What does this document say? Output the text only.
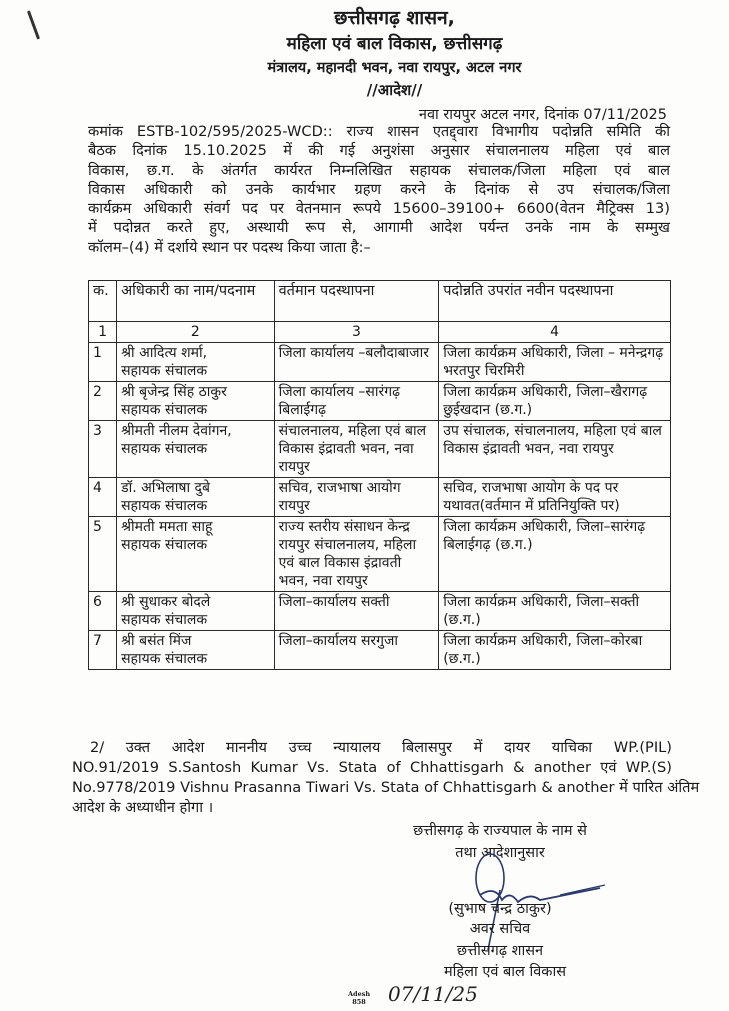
छत्तीसगढ़ शासन,
महिला एवं बाल विकास, छत्तीसगढ़
मंत्रालय, महानदी भवन, नवा रायपुर, अटल नगर
//आदेश//
नवा रायपुर अटल नगर, दिनांक 07/11/2025
कमांक ESTB-102/595/2025-WCD:: राज्य शासन एतद्द्वारा विभागीय पदोन्नति समिति की
बैठक दिनांक 15.10.2025 में की गई अनुशंसा अनुसार संचालनालय महिला एवं बाल
विकास, छ.ग. के अंतर्गत कार्यरत निम्नलिखित सहायक संचालक/जिला महिला एवं बाल
विकास अधिकारी को उनके कार्यभार ग्रहण करने के दिनांक से उप संचालक/जिला
कार्यक्रम अधिकारी संवर्ग पद पर वेतनमान रूपये 15600–39100+ 6600(वेतन मैट्रिक्स 13)
में पदोन्नत करते हुए, अस्थायी रूप से, आगामी आदेश पर्यन्त उनके नाम के सम्मुख
कॉलम–(4) में दर्शाये स्थान पर पदस्थ किया जाता है:–
क.	अधिकारी का नाम/पदनाम	वर्तमान पदस्थापना	पदोन्नति उपरांत नवीन पदस्थापना
1	2	3	4
1	श्री आदित्य शर्मा,
सहायक संचालक	जिला कार्यालय –बलौदाबाजार	जिला कार्यक्रम अधिकारी, जिला – मनेन्द्रगढ़ भरतपुर चिरमिरी
2	श्री बृजेन्द्र सिंह ठाकुर
सहायक संचालक	जिला कार्यालय –सारंगढ़ बिलाईगढ़	जिला कार्यक्रम अधिकारी, जिला–खैरागढ़ छुईखदान (छ.ग.)
3	श्रीमती नीलम देवांगन,
सहायक संचालक	संचालनालय, महिला एवं बाल विकास इंद्रावती भवन, नवा रायपुर	उप संचालक, संचालनालय, महिला एवं बाल विकास इंद्रावती भवन, नवा रायपुर
4	डॉ. अभिलाषा दुबे
सहायक संचालक	सचिव, राजभाषा आयोग रायपुर	सचिव, राजभाषा आयोग के पद पर यथावत(वर्तमान में प्रतिनियुक्ति पर)
5	श्रीमती ममता साहू
सहायक संचालक	राज्य स्तरीय संसाधन केन्द्र रायपुर संचालनालय, महिला एवं बाल विकास इंद्रावती भवन, नवा रायपुर	जिला कार्यक्रम अधिकारी, जिला–सारंगढ़ बिलाईगढ़ (छ.ग.)
6	श्री सुधाकर बोदले
सहायक संचालक	जिला–कार्यालय सक्ती	जिला कार्यक्रम अधिकारी, जिला–सक्ती (छ.ग.)
7	श्री बसंत मिंज
सहायक संचालक	जिला–कार्यालय सरगुजा	जिला कार्यक्रम अधिकारी, जिला–कोरबा (छ.ग.)
2/ उक्त आदेश माननीय उच्च न्यायालय बिलासपुर में दायर याचिका WP.(PIL)
NO.91/2019 S.Santosh Kumar Vs. Stata of Chhattisgarh & another एवं WP.(S)
No.9778/2019 Vishnu Prasanna Tiwari Vs. Stata of Chhattisgarh & another में पारित अंतिम
आदेश के अध्याधीन होगा ।
छत्तीसगढ़ के राज्यपाल के नाम से
तथा आदेशानुसार
(सुभाष चन्द्र ठाकुर)
अवर सचिव
छत्तीसगढ़ शासन
महिला एवं बाल विकास
07/11/25
Adesh
858
